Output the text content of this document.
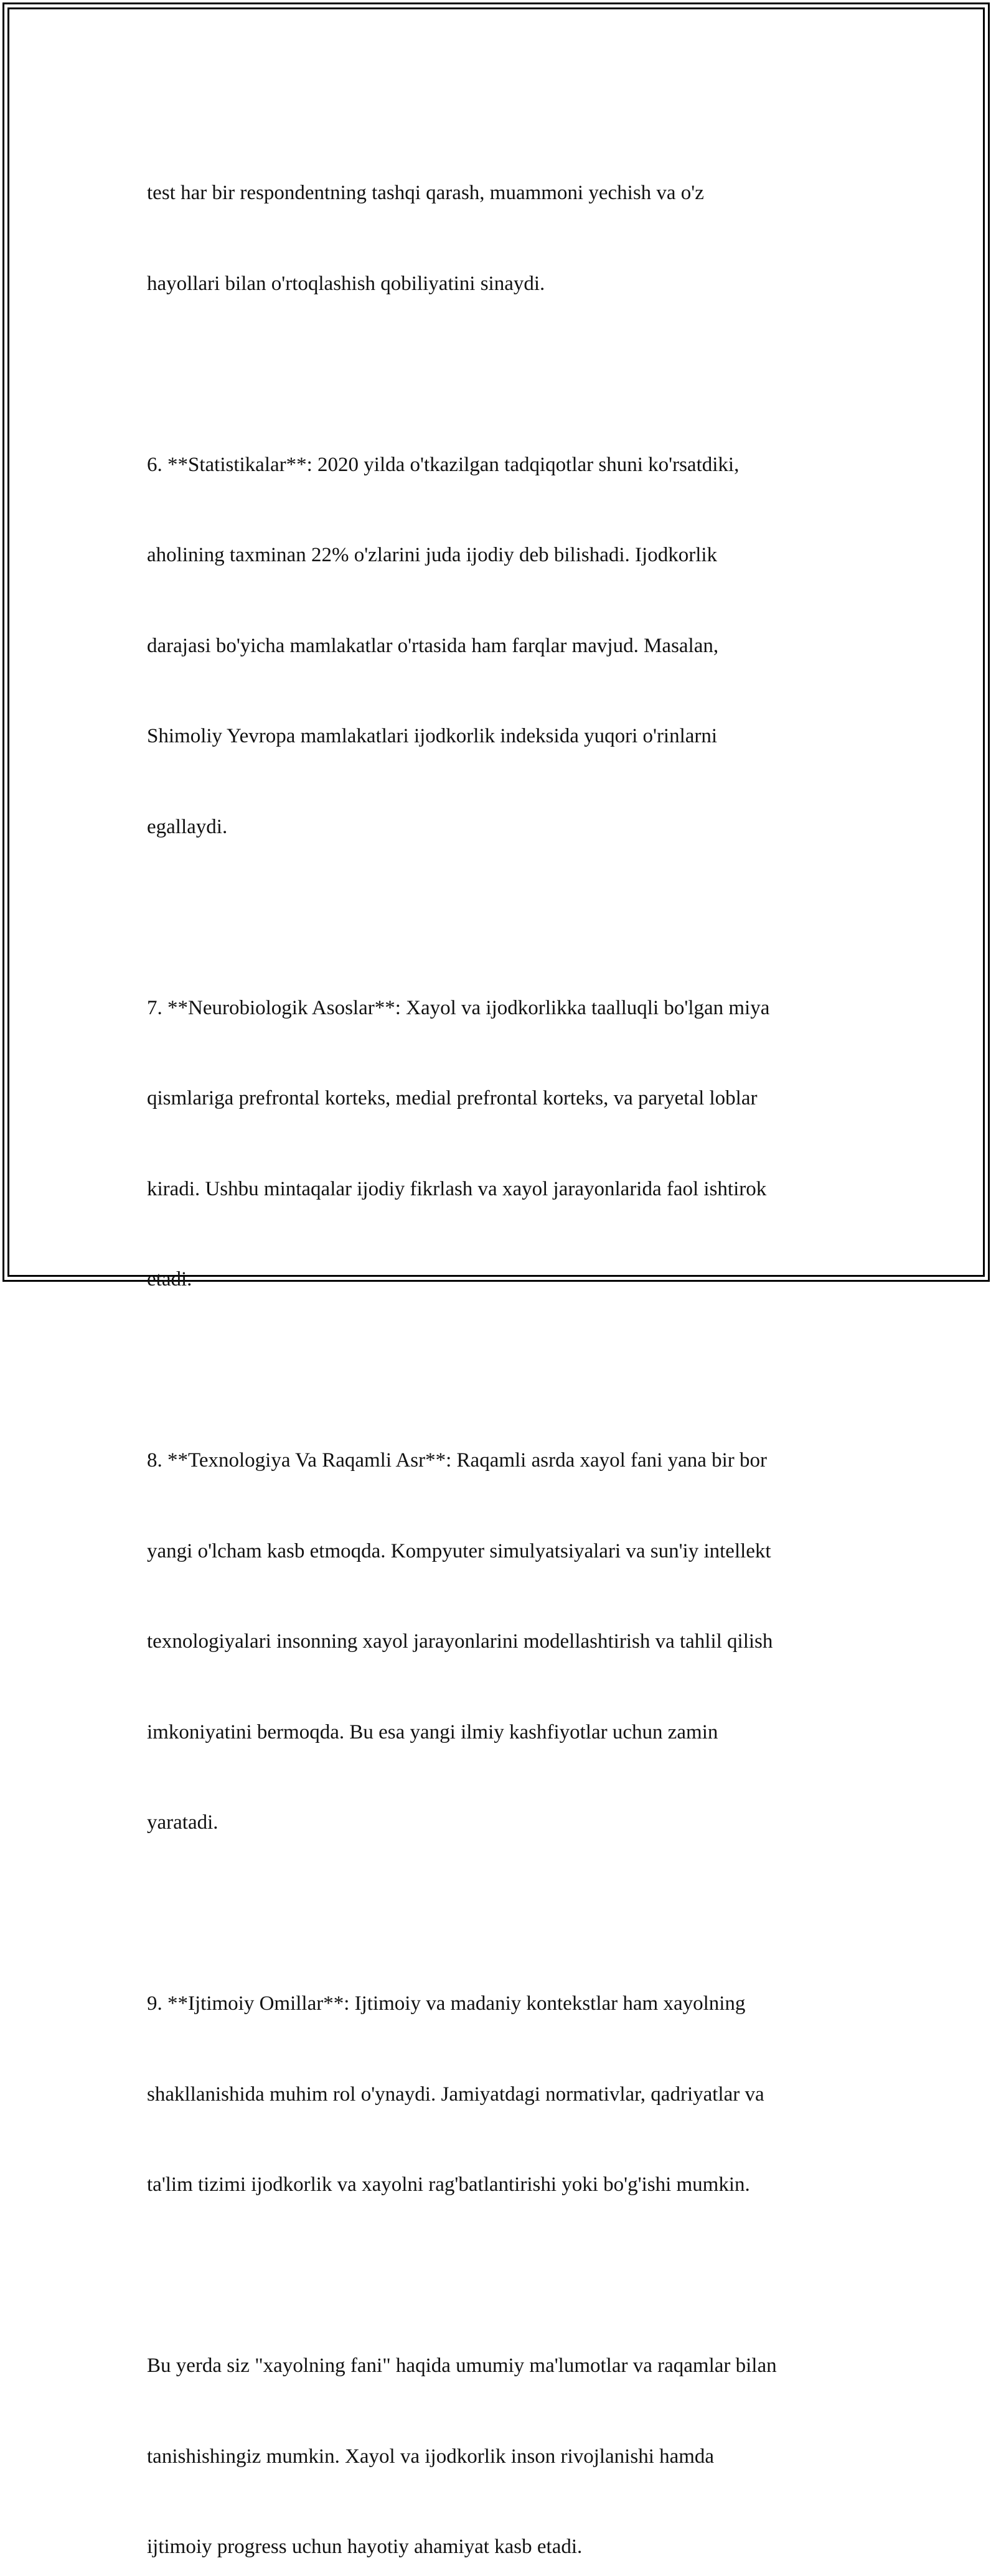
test har bir respondentning tashqi qarash, muammoni yechish va o'z

hayollari bilan o'rtoqlashish qobiliyatini sinaydi.

6. **Statistikalar**: 2020 yilda o'tkazilgan tadqiqotlar shuni ko'rsatdiki,

aholining taxminan 22% o'zlarini juda ijodiy deb bilishadi. Ijodkorlik

darajasi bo'yicha mamlakatlar o'rtasida ham farqlar mavjud. Masalan,

Shimoliy Yevropa mamlakatlari ijodkorlik indeksida yuqori o'rinlarni

egallaydi.

7. **Neurobiologik Asoslar**: Xayol va ijodkorlikka taalluqli bo'lgan miya

qismlariga prefrontal korteks, medial prefrontal korteks, va paryetal loblar

kiradi. Ushbu mintaqalar ijodiy fikrlash va xayol jarayonlarida faol ishtirok

etadi.

8. **Texnologiya Va Raqamli Asr**: Raqamli asrda xayol fani yana bir bor

yangi o'lcham kasb etmoqda. Kompyuter simulyatsiyalari va sun'iy intellekt

texnologiyalari insonning xayol jarayonlarini modellashtirish va tahlil qilish

imkoniyatini bermoqda. Bu esa yangi ilmiy kashfiyotlar uchun zamin

yaratadi.

9. **Ijtimoiy Omillar**: Ijtimoiy va madaniy kontekstlar ham xayolning

shakllanishida muhim rol o'ynaydi. Jamiyatdagi normativlar, qadriyatlar va

ta'lim tizimi ijodkorlik va xayolni rag'batlantirishi yoki bo'g'ishi mumkin.

Bu yerda siz "xayolning fani" haqida umumiy ma'lumotlar va raqamlar bilan

tanishishingiz mumkin. Xayol va ijodkorlik inson rivojlanishi hamda

ijtimoiy progress uchun hayotiy ahamiyat kasb etadi.
